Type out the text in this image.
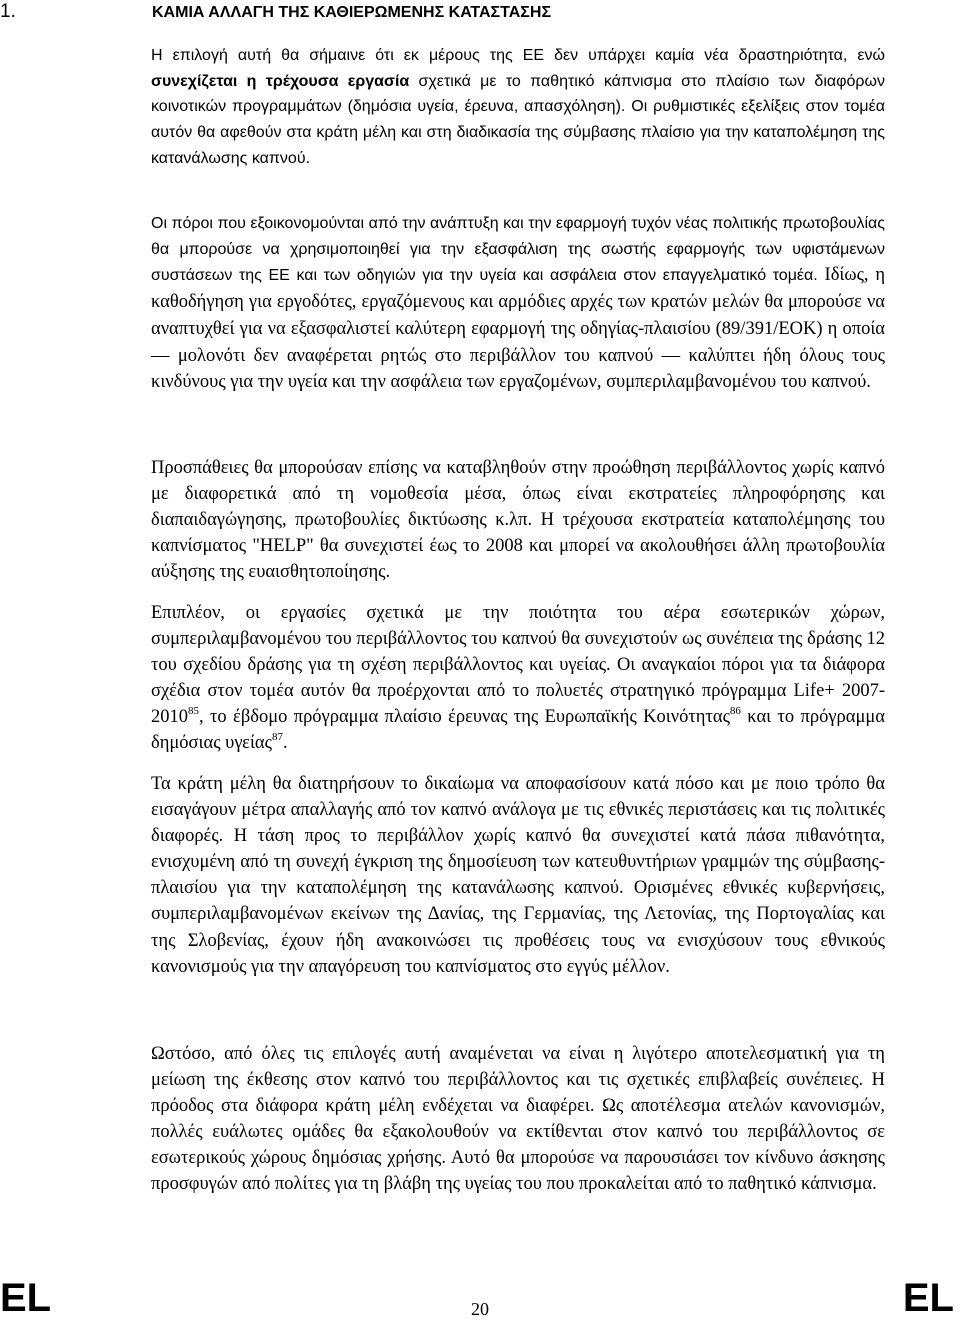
1.	ΚΑΜΙΑ ΑΛΛΑΓΗ ΤΗΣ ΚΑΘΙΕΡΩΜΕΝΗΣ ΚΑΤΑΣΤΑΣΗΣ

Η επιλογή αυτή θα σήμαινε ότι εκ μέρους της ΕΕ δεν υπάρχει καμία νέα δραστηριότητα, ενώ συνεχίζεται η τρέχουσα εργασία σχετικά με το παθητικό κάπνισμα στο πλαίσιο των διαφόρων κοινοτικών προγραμμάτων (δημόσια υγεία, έρευνα, απασχόληση). Οι ρυθμιστικές εξελίξεις στον τομέα αυτόν θα αφεθούν στα κράτη μέλη και στη διαδικασία της σύμβασης πλαίσιο για την καταπολέμηση της κατανάλωσης καπνού.

Οι πόροι που εξοικονομούνται από την ανάπτυξη και την εφαρμογή τυχόν νέας πολιτικής πρωτοβουλίας θα μπορούσε να χρησιμοποιηθεί για την εξασφάλιση της σωστής εφαρμογής των υφιστάμενων συστάσεων της ΕΕ και των οδηγιών για την υγεία και ασφάλεια στον επαγγελματικό τομέα. Ιδίως, η καθοδήγηση για εργοδότες, εργαζόμενους και αρμόδιες αρχές των κρατών μελών θα μπορούσε να αναπτυχθεί για να εξασφαλιστεί καλύτερη εφαρμογή της οδηγίας-πλαισίου (89/391/ΕΟΚ) η οποία ― μολονότι δεν αναφέρεται ρητώς στο περιβάλλον του καπνού ― καλύπτει ήδη όλους τους κινδύνους για την υγεία και την ασφάλεια των εργαζομένων, συμπεριλαμβανομένου του καπνού.

Προσπάθειες θα μπορούσαν επίσης να καταβληθούν στην προώθηση περιβάλλοντος χωρίς καπνό με διαφορετικά από τη νομοθεσία μέσα, όπως είναι εκστρατείες πληροφόρησης και διαπαιδαγώγησης, πρωτοβουλίες δικτύωσης κ.λπ. Η τρέχουσα εκστρατεία καταπολέμησης του καπνίσματος "HELP" θα συνεχιστεί έως το 2008 και μπορεί να ακολουθήσει άλλη πρωτοβουλία αύξησης της ευαισθητοποίησης.

Επιπλέον, οι εργασίες σχετικά με την ποιότητα του αέρα εσωτερικών χώρων, συμπεριλαμβανομένου του περιβάλλοντος του καπνού θα συνεχιστούν ως συνέπεια της δράσης 12 του σχεδίου δράσης για τη σχέση περιβάλλοντος και υγείας. Οι αναγκαίοι πόροι για τα διάφορα σχέδια στον τομέα αυτόν θα προέρχονται από το πολυετές στρατηγικό πρόγραμμα Life+ $2007-2010^{85}$, το έβδομο πρόγραμμα πλαίσιο έρευνας της Ευρωπαϊκής Κοινότητας$^{86}$ και το πρόγραμμα δημόσιας υγείας$^{87}$.

Τα κράτη μέλη θα διατηρήσουν το δικαίωμα να αποφασίσουν κατά πόσο και με ποιο τρόπο θα εισαγάγουν μέτρα απαλλαγής από τον καπνό ανάλογα με τις εθνικές περιστάσεις και τις πολιτικές διαφορές. Η τάση προς το περιβάλλον χωρίς καπνό θα συνεχιστεί κατά πάσα πιθανότητα, ενισχυμένη από τη συνεχή έγκριση της δημοσίευση των κατευθυντήριων γραμμών της σύμβασης-πλαισίου για την καταπολέμηση της κατανάλωσης καπνού. Ορισμένες εθνικές κυβερνήσεις, συμπεριλαμβανομένων εκείνων της Δανίας, της Γερμανίας, της Λετονίας, της Πορτογαλίας και της Σλοβενίας, έχουν ήδη ανακοινώσει τις προθέσεις τους να ενισχύσουν τους εθνικούς κανονισμούς για την απαγόρευση του καπνίσματος στο εγγύς μέλλον.

Ωστόσο, από όλες τις επιλογές αυτή αναμένεται να είναι η λιγότερο αποτελεσματική για τη μείωση της έκθεσης στον καπνό του περιβάλλοντος και τις σχετικές επιβλαβείς συνέπειες. Η πρόοδος στα διάφορα κράτη μέλη ενδέχεται να διαφέρει. Ως αποτέλεσμα ατελών κανονισμών, πολλές ευάλωτες ομάδες θα εξακολουθούν να εκτίθενται στον καπνό του περιβάλλοντος σε εσωτερικούς χώρους δημόσιας χρήσης. Αυτό θα μπορούσε να παρουσιάσει τον κίνδυνο άσκησης προσφυγών από πολίτες για τη βλάβη της υγείας του που προκαλείται από το παθητικό κάπνισμα.

EL	20	EL
